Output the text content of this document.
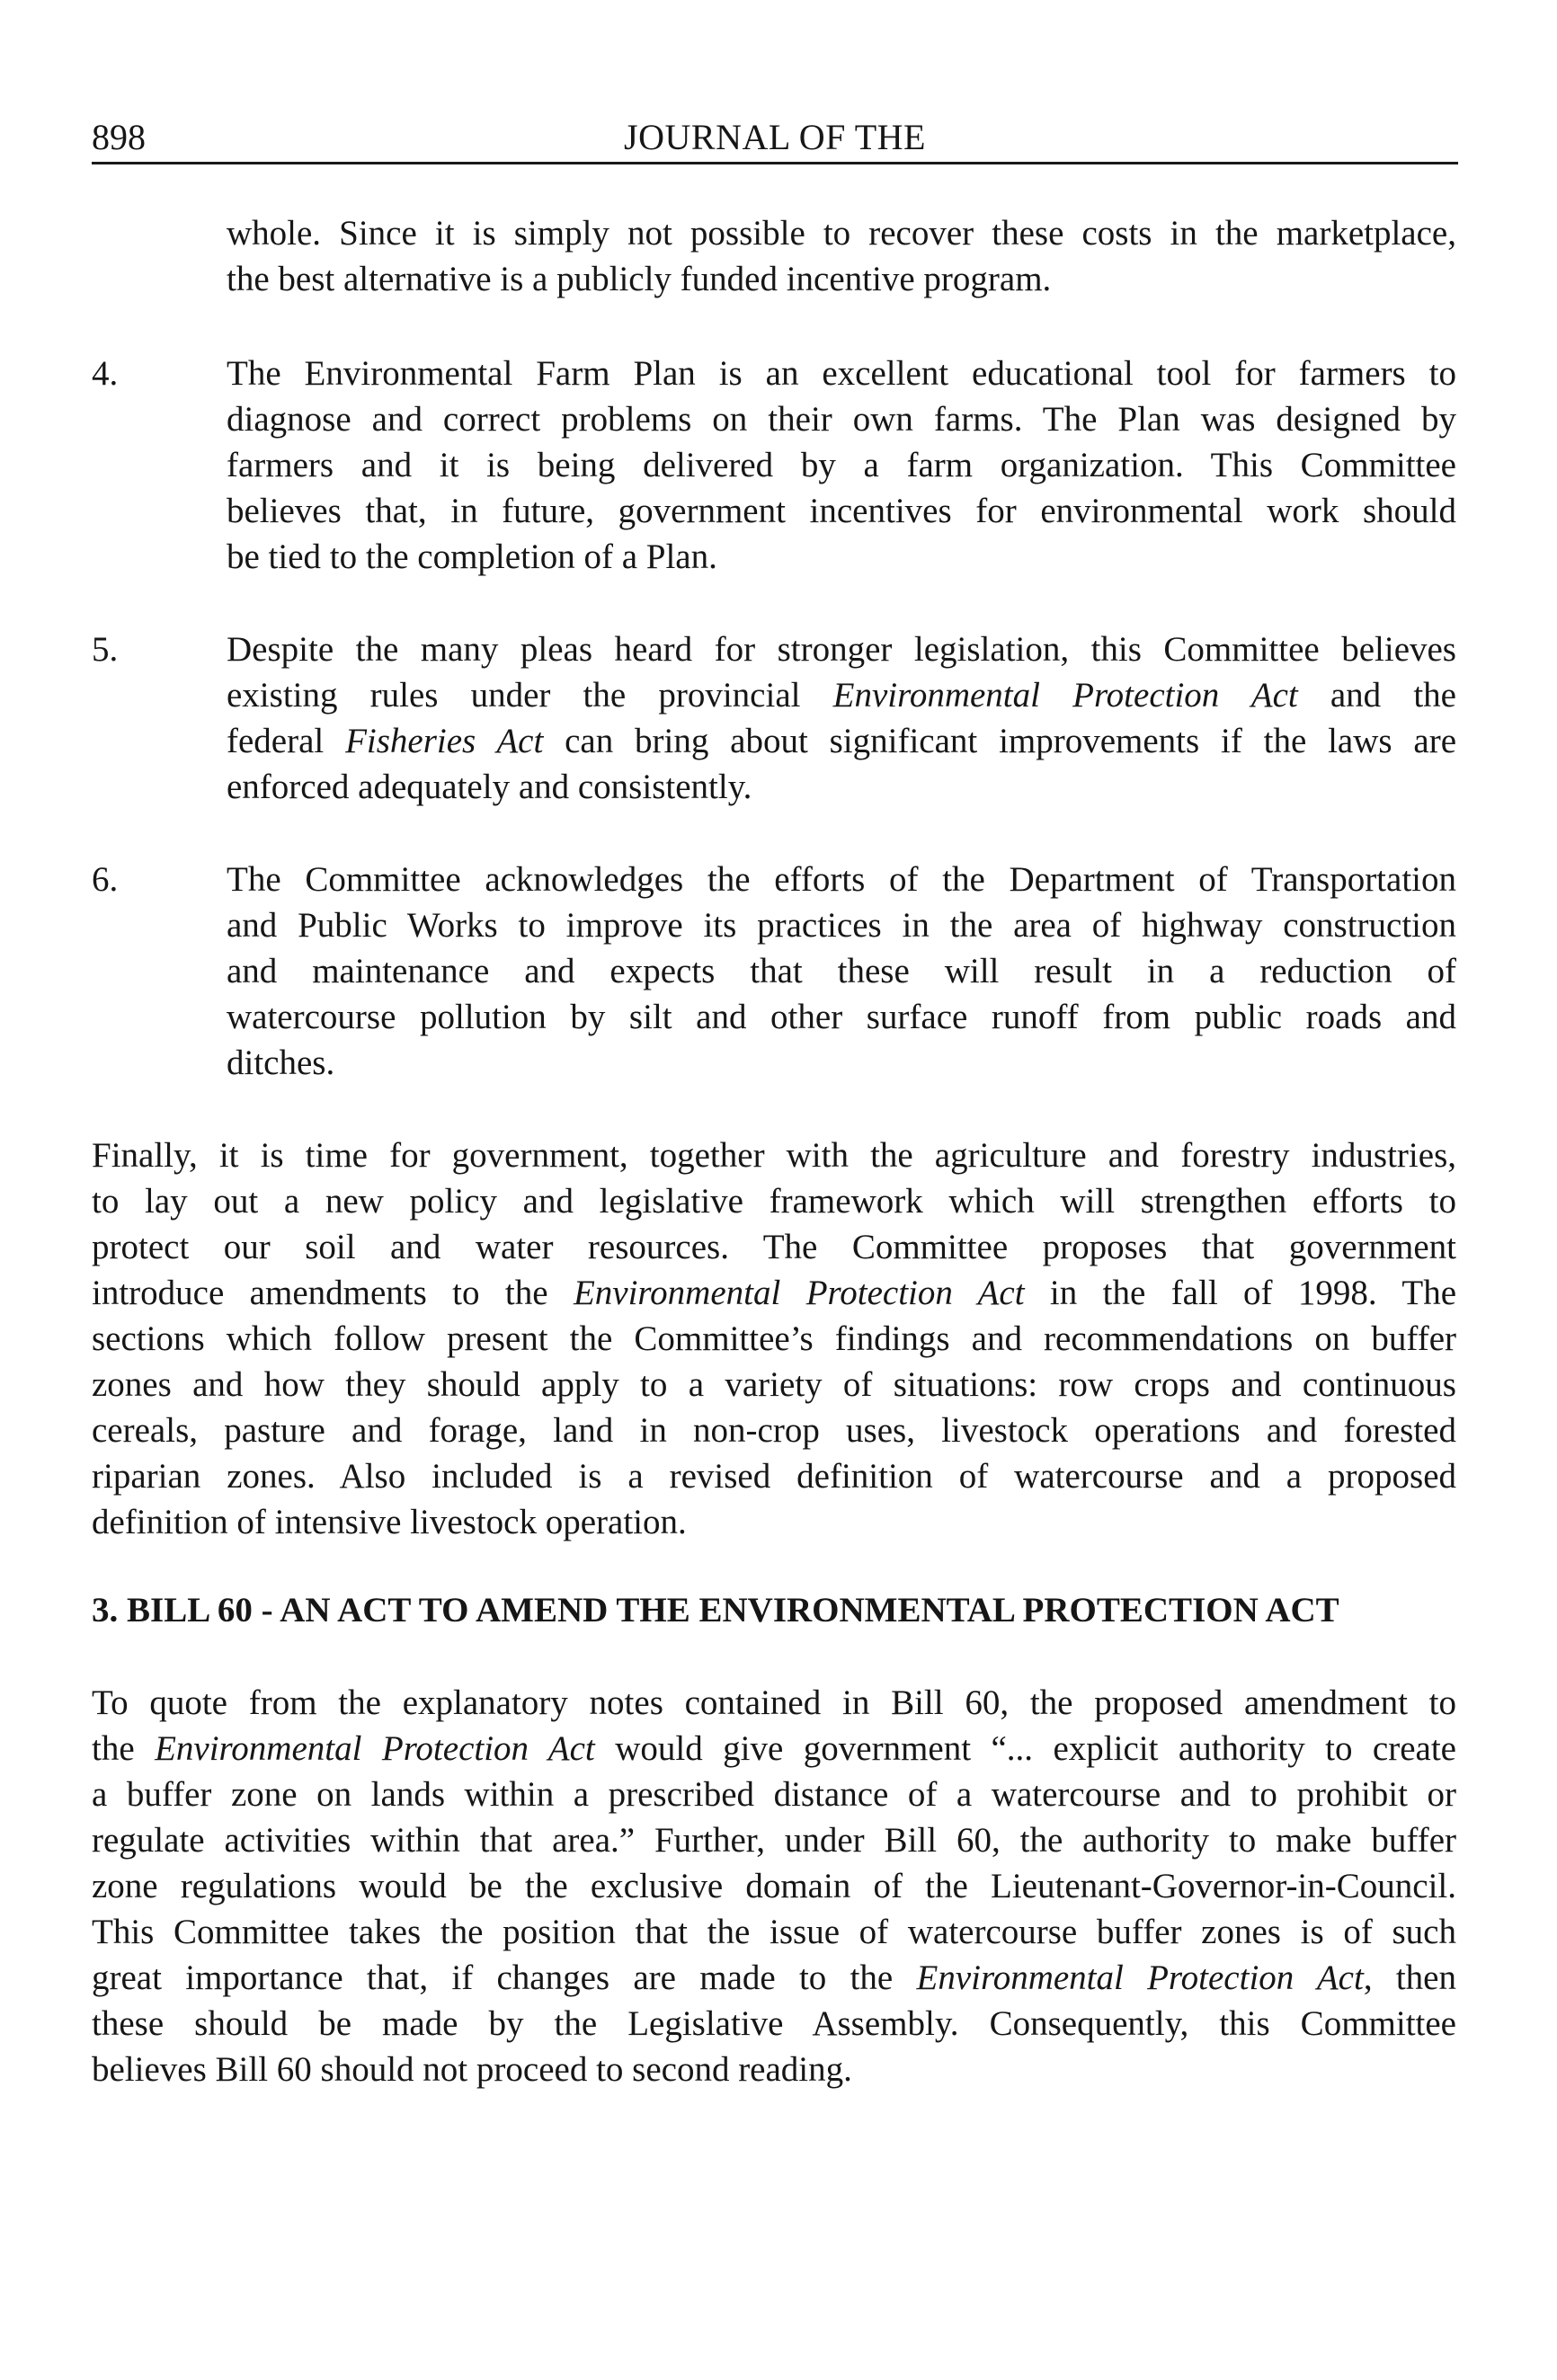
898	JOURNAL OF THE
whole. Since it is simply not possible to recover these costs in the marketplace,
the best alternative is a publicly funded incentive program.
4.	The Environmental Farm Plan is an excellent educational tool for farmers to
diagnose and correct problems on their own farms. The Plan was designed by
farmers and it is being delivered by a farm organization. This Committee
believes that, in future, government incentives for environmental work should
be tied to the completion of a Plan.
5.	Despite the many pleas heard for stronger legislation, this Committee believes
existing rules under the provincial Environmental Protection Act and the
federal Fisheries Act can bring about significant improvements if the laws are
enforced adequately and consistently.
6.	The Committee acknowledges the efforts of the Department of Transportation
and Public Works to improve its practices in the area of highway construction
and maintenance and expects that these will result in a reduction of
watercourse pollution by silt and other surface runoff from public roads and
ditches.
Finally, it is time for government, together with the agriculture and forestry industries,
to lay out a new policy and legislative framework which will strengthen efforts to
protect our soil and water resources. The Committee proposes that government
introduce amendments to the Environmental Protection Act in the fall of 1998. The
sections which follow present the Committee’s findings and recommendations on buffer
zones and how they should apply to a variety of situations: row crops and continuous
cereals, pasture and forage, land in non-crop uses, livestock operations and forested
riparian zones. Also included is a revised definition of watercourse and a proposed
definition of intensive livestock operation.
3. BILL 60 - AN ACT TO AMEND THE ENVIRONMENTAL PROTECTION ACT
To quote from the explanatory notes contained in Bill 60, the proposed amendment to
the Environmental Protection Act would give government “... explicit authority to create
a buffer zone on lands within a prescribed distance of a watercourse and to prohibit or
regulate activities within that area.” Further, under Bill 60, the authority to make buffer
zone regulations would be the exclusive domain of the Lieutenant-Governor-in-Council.
This Committee takes the position that the issue of watercourse buffer zones is of such
great importance that, if changes are made to the Environmental Protection Act, then
these should be made by the Legislative Assembly. Consequently, this Committee
believes Bill 60 should not proceed to second reading.
